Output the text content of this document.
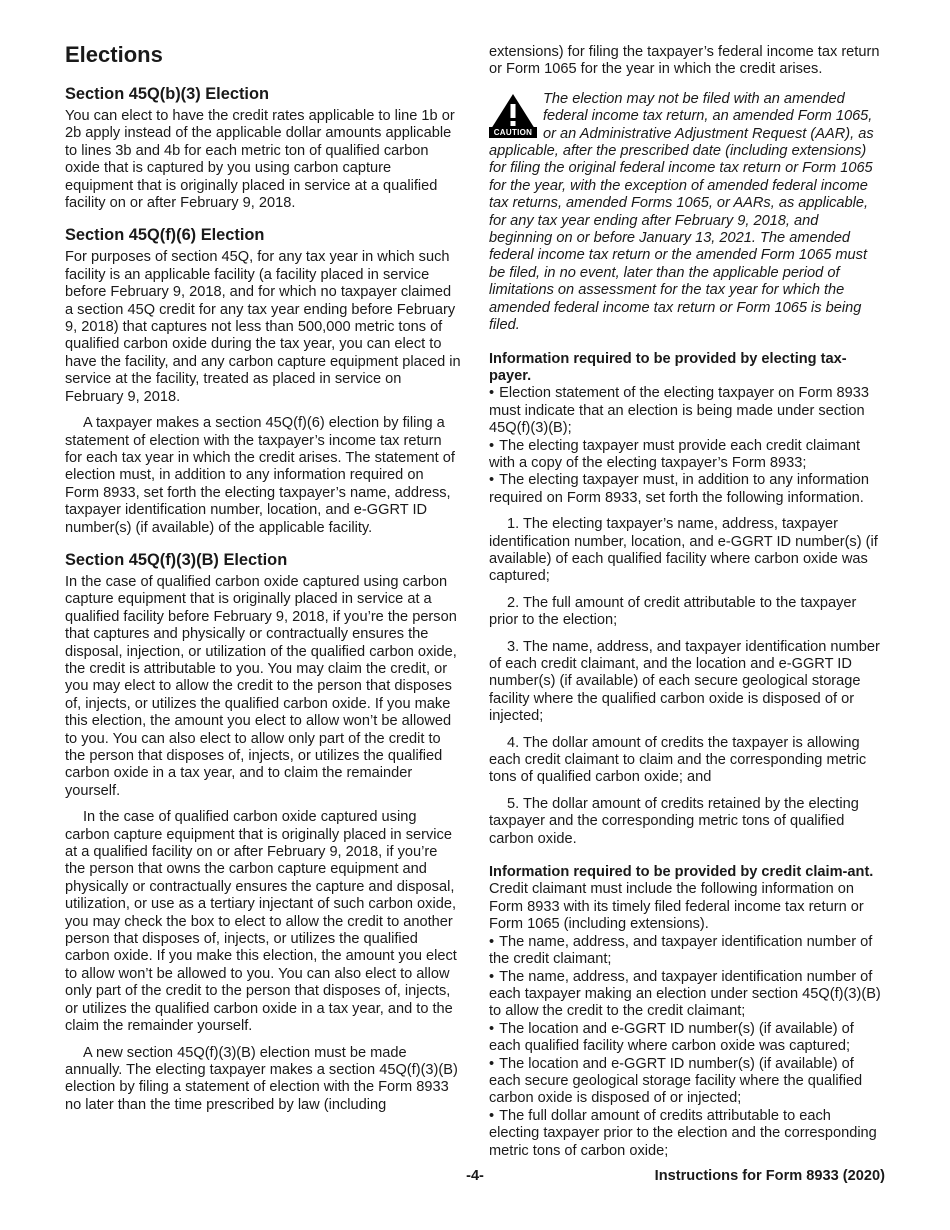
Elections
Section 45Q(b)(3) Election

You can elect to have the credit rates applicable to line 1b or 2b apply instead of the applicable dollar amounts applicable to lines 3b and 4b for each metric ton of qualified carbon oxide that is captured by you using carbon capture equipment that is originally placed in service at a qualified facility on or after February 9, 2018.

Section 45Q(f)(6) Election

For purposes of section 45Q, for any tax year in which such facility is an applicable facility (a facility placed in service before February 9, 2018, and for which no taxpayer claimed a section 45Q credit for any tax year ending before February 9, 2018) that captures not less than 500,000 metric tons of qualified carbon oxide during the tax year, you can elect to have the facility, and any carbon capture equipment placed in service at the facility, treated as placed in service on February 9, 2018.

A taxpayer makes a section 45Q(f)(6) election by filing a statement of election with the taxpayer’s income tax return for each tax year in which the credit arises. The statement of election must, in addition to any information required on Form 8933, set forth the electing taxpayer’s name, address, taxpayer identification number, location, and e-GGRT ID number(s) (if available) of the applicable facility.

Section 45Q(f)(3)(B) Election

In the case of qualified carbon oxide captured using carbon capture equipment that is originally placed in service at a qualified facility before February 9, 2018, if you’re the person that captures and physically or contractually ensures the disposal, injection, or utilization of the qualified carbon oxide, the credit is attributable to you. You may claim the credit, or you may elect to allow the credit to the person that disposes of, injects, or utilizes the qualified carbon oxide. If you make this election, the amount you elect to allow won’t be allowed to you. You can also elect to allow only part of the credit to the person that disposes of, injects, or utilizes the qualified carbon oxide in a tax year, and to claim the remainder yourself.

In the case of qualified carbon oxide captured using carbon capture equipment that is originally placed in service at a qualified facility on or after February 9, 2018, if you’re the person that owns the carbon capture equipment and physically or contractually ensures the capture and disposal, utilization, or use as a tertiary injectant of such carbon oxide, you may check the box to elect to allow the credit to another person that disposes of, injects, or utilizes the qualified carbon oxide. If you make this election, the amount you elect to allow won’t be allowed to you. You can also elect to allow only part of the credit to the person that disposes of, injects, or utilizes the qualified carbon oxide in a tax year, and to the claim the remainder yourself.

A new section 45Q(f)(3)(B) election must be made annually. The electing taxpayer makes a section 45Q(f)(3)(B) election by filing a statement of election with the Form 8933 no later than the time prescribed by law (including

extensions) for filing the taxpayer’s federal income tax return or Form 1065 for the year in which the credit arises.

CAUTION

The election may not be filed with an amended federal income tax return, an amended Form 1065, or an Administrative Adjustment Request (AAR), as applicable, after the prescribed date (including extensions) for filing the original federal income tax return or Form 1065 for the year, with the exception of amended federal income tax returns, amended Forms 1065, or AARs, as applicable, for any tax year ending after February 9, 2018, and beginning on or before January 13, 2021. The amended federal income tax return or the amended Form 1065 must be filed, in no event, later than the applicable period of limitations on assessment for the tax year for which the amended federal income tax return or Form 1065 is being filed.

Information required to be provided by electing tax-payer.

• Election statement of the electing taxpayer on Form 8933 must indicate that an election is being made under section 45Q(f)(3)(B);

• The electing taxpayer must provide each credit claimant with a copy of the electing taxpayer’s Form 8933;

• The electing taxpayer must, in addition to any information required on Form 8933, set forth the following information.

1. The electing taxpayer’s name, address, taxpayer identification number, location, and e-GGRT ID number(s) (if available) of each qualified facility where carbon oxide was captured;

2. The full amount of credit attributable to the taxpayer prior to the election;

3. The name, address, and taxpayer identification number of each credit claimant, and the location and e-GGRT ID number(s) (if available) of each secure geological storage facility where the qualified carbon oxide is disposed of or injected;

4. The dollar amount of credits the taxpayer is allowing each credit claimant to claim and the corresponding metric tons of qualified carbon oxide; and

5. The dollar amount of credits retained by the electing taxpayer and the corresponding metric tons of qualified carbon oxide.

Information required to be provided by credit claim-ant. Credit claimant must include the following information on Form 8933 with its timely filed federal income tax return or Form 1065 (including extensions).

• The name, address, and taxpayer identification number of the credit claimant;

• The name, address, and taxpayer identification number of each taxpayer making an election under section 45Q(f)(3)(B) to allow the credit to the credit claimant;

• The location and e-GGRT ID number(s) (if available) of each qualified facility where carbon oxide was captured;

• The location and e-GGRT ID number(s) (if available) of each secure geological storage facility where the qualified carbon oxide is disposed of or injected;

• The full dollar amount of credits attributable to each electing taxpayer prior to the election and the corresponding metric tons of carbon oxide;

-4-	Instructions for Form 8933 (2020)
